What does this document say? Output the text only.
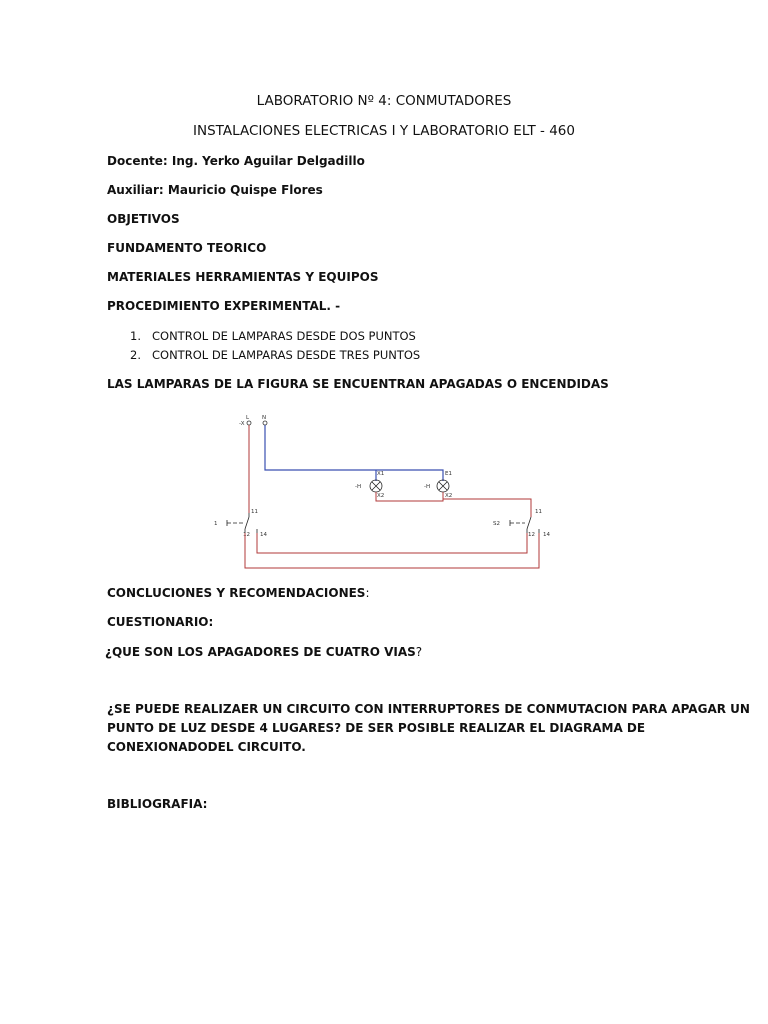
LABORATORIO Nº 4: CONMUTADORES
INSTALACIONES ELECTRICAS I Y LABORATORIO ELT - 460
Docente: Ing. Yerko Aguilar Delgadillo
Auxiliar: Mauricio Quispe Flores
OBJETIVOS
FUNDAMENTO TEORICO
MATERIALES HERRAMIENTAS Y EQUIPOS
PROCEDIMIENTO EXPERIMENTAL. -
1. CONTROL DE LAMPARAS DESDE DOS PUNTOS
2. CONTROL DE LAMPARAS DESDE TRES PUNTOS
LAS LAMPARAS DE LA FIGURA SE ENCUENTRAN APAGADAS O ENCENDIDAS
L N
-X
X1
X2
E1
X2
-H	-H
1	S2
11
12 14
11
12 14
CONCLUCIONES Y RECOMENDACIONES:
CUESTIONARIO:
¿QUE SON LOS APAGADORES DE CUATRO VIAS?
¿SE PUEDE REALIZAER UN CIRCUITO CON INTERRUPTORES DE CONMUTACION PARA APAGAR UN
PUNTO DE LUZ DESDE 4 LUGARES? DE SER POSIBLE REALIZAR EL DIAGRAMA DE
CONEXIONADODEL CIRCUITO.
BIBLIOGRAFIA:
